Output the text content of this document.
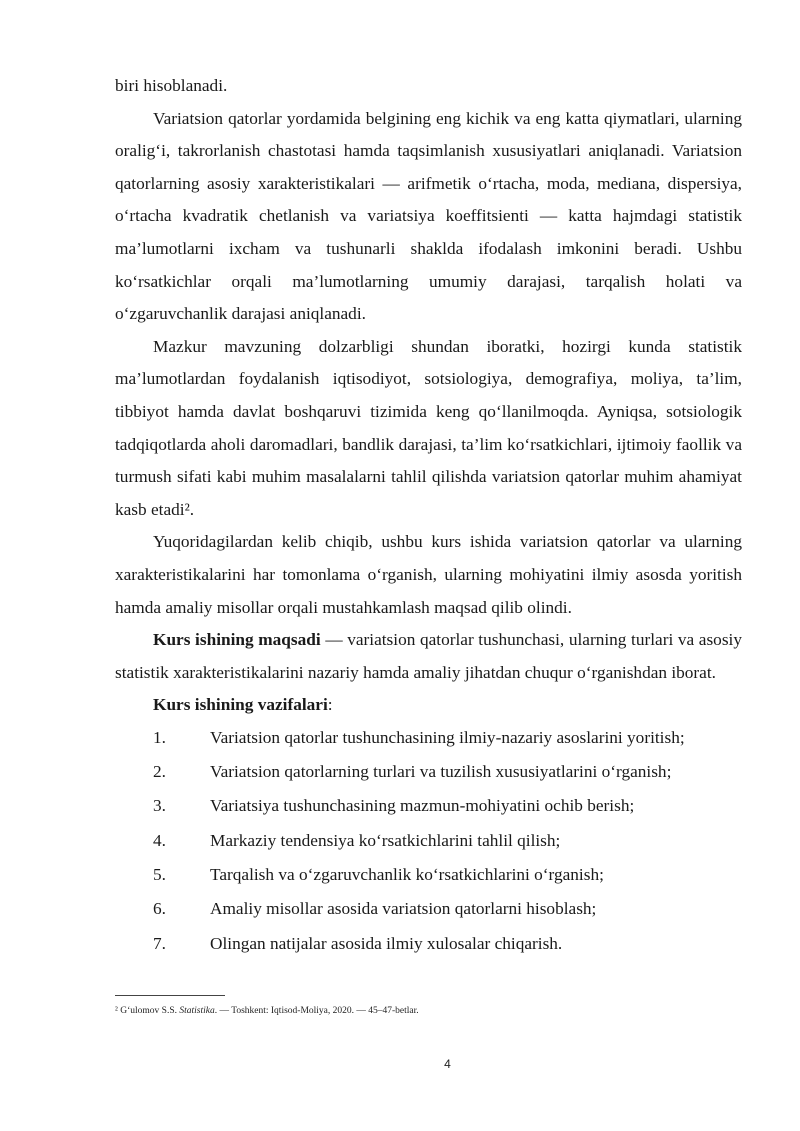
biri hisoblanadi.

Variatsion qatorlar yordamida belgining eng kichik va eng katta qiymatlari, ularning oralig‘i, takrorlanish chastotasi hamda taqsimlanish xususiyatlari aniqlanadi. Variatsion qatorlarning asosiy xarakteristikalari — arifmetik o‘rtacha, moda, mediana, dispersiya, o‘rtacha kvadratik chetlanish va variatsiya koeffitsienti — katta hajmdagi statistik ma’lumotlarni ixcham va tushunarli shaklda ifodalash imkonini beradi. Ushbu ko‘rsatkichlar orqali ma’lumotlarning umumiy darajasi, tarqalish holati va o‘zgaruvchanlik darajasi aniqlanadi.

Mazkur mavzuning dolzarbligi shundan iboratki, hozirgi kunda statistik ma’lumotlardan foydalanish iqtisodiyot, sotsiologiya, demografiya, moliya, ta’lim, tibbiyot hamda davlat boshqaruvi tizimida keng qo‘llanilmoqda. Ayniqsa, sotsiologik tadqiqotlarda aholi daromadlari, bandlik darajasi, ta’lim ko‘rsatkichlari, ijtimoiy faollik va turmush sifati kabi muhim masalalarni tahlil qilishda variatsion qatorlar muhim ahamiyat kasb etadi².

Yuqoridagilardan kelib chiqib, ushbu kurs ishida variatsion qatorlar va ularning xarakteristikalarini har tomonlama o‘rganish, ularning mohiyatini ilmiy asosda yoritish hamda amaliy misollar orqali mustahkamlash maqsad qilib olindi.

Kurs ishining maqsadi — variatsion qatorlar tushunchasi, ularning turlari va asosiy statistik xarakteristikalarini nazariy hamda amaliy jihatdan chuqur o‘rganishdan iborat.

Kurs ishining vazifalari:

1.	Variatsion qatorlar tushunchasining ilmiy-nazariy asoslarini yoritish;
2.	Variatsion qatorlarning turlari va tuzilish xususiyatlarini o‘rganish;
3.	Variatsiya tushunchasining mazmun-mohiyatini ochib berish;
4.	Markaziy tendensiya ko‘rsatkichlarini tahlil qilish;
5.	Tarqalish va o‘zgaruvchanlik ko‘rsatkichlarini o‘rganish;
6.	Amaliy misollar asosida variatsion qatorlarni hisoblash;
7.	Olingan natijalar asosida ilmiy xulosalar chiqarish.
² G‘ulomov S.S. Statistika. — Toshkent: Iqtisod-Moliya, 2020. — 45–47-betlar.
4
